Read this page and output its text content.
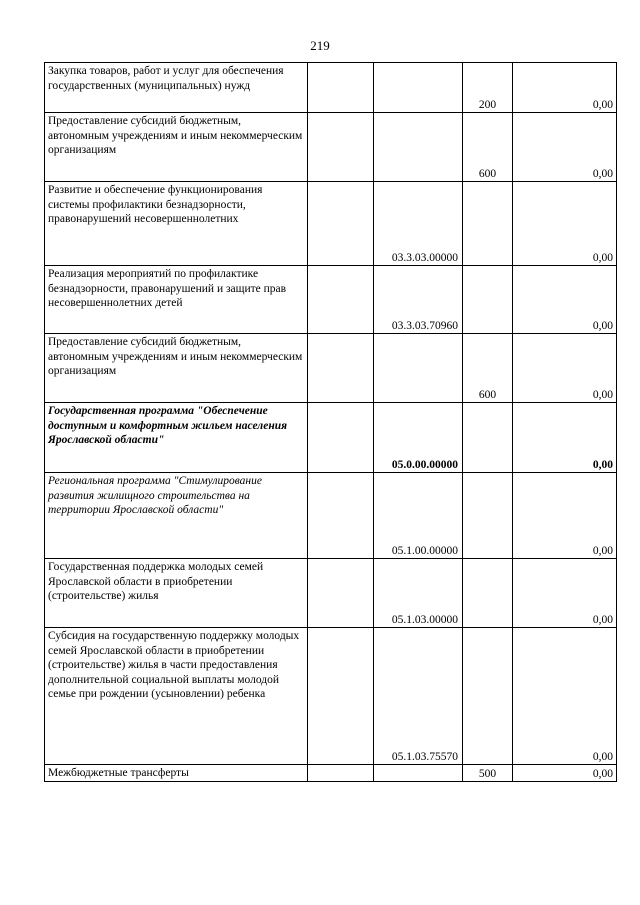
219
Закупка товаров, работ и услуг для обеспечения государственных (муниципальных) нужд			200	0,00
Предоставление субсидий бюджетным, автономным учреждениям и иным некоммерческим организациям			600	0,00
Развитие и обеспечение функционирования системы профилактики безнадзорности, правонарушений несовершеннолетних		03.3.03.00000		0,00
Реализация мероприятий по профилактике безнадзорности, правонарушений и защите прав несовершеннолетних детей		03.3.03.70960		0,00
Предоставление субсидий бюджетным, автономным учреждениям и иным некоммерческим организациям			600	0,00
Государственная программа "Обеспечение доступным и комфортным жильем населения Ярославской области"		05.0.00.00000		0,00
Региональная программа "Стимулирование развития жилищного строительства на территории Ярославской области"		05.1.00.00000		0,00
Государственная поддержка молодых семей Ярославской области в приобретении (строительстве) жилья		05.1.03.00000		0,00
Субсидия на государственную поддержку молодых семей Ярославской области в приобретении (строительстве) жилья в части предоставления дополнительной социальной выплаты молодой семье при рождении (усыновлении) ребенка		05.1.03.75570		0,00
Межбюджетные трансферты			500	0,00
